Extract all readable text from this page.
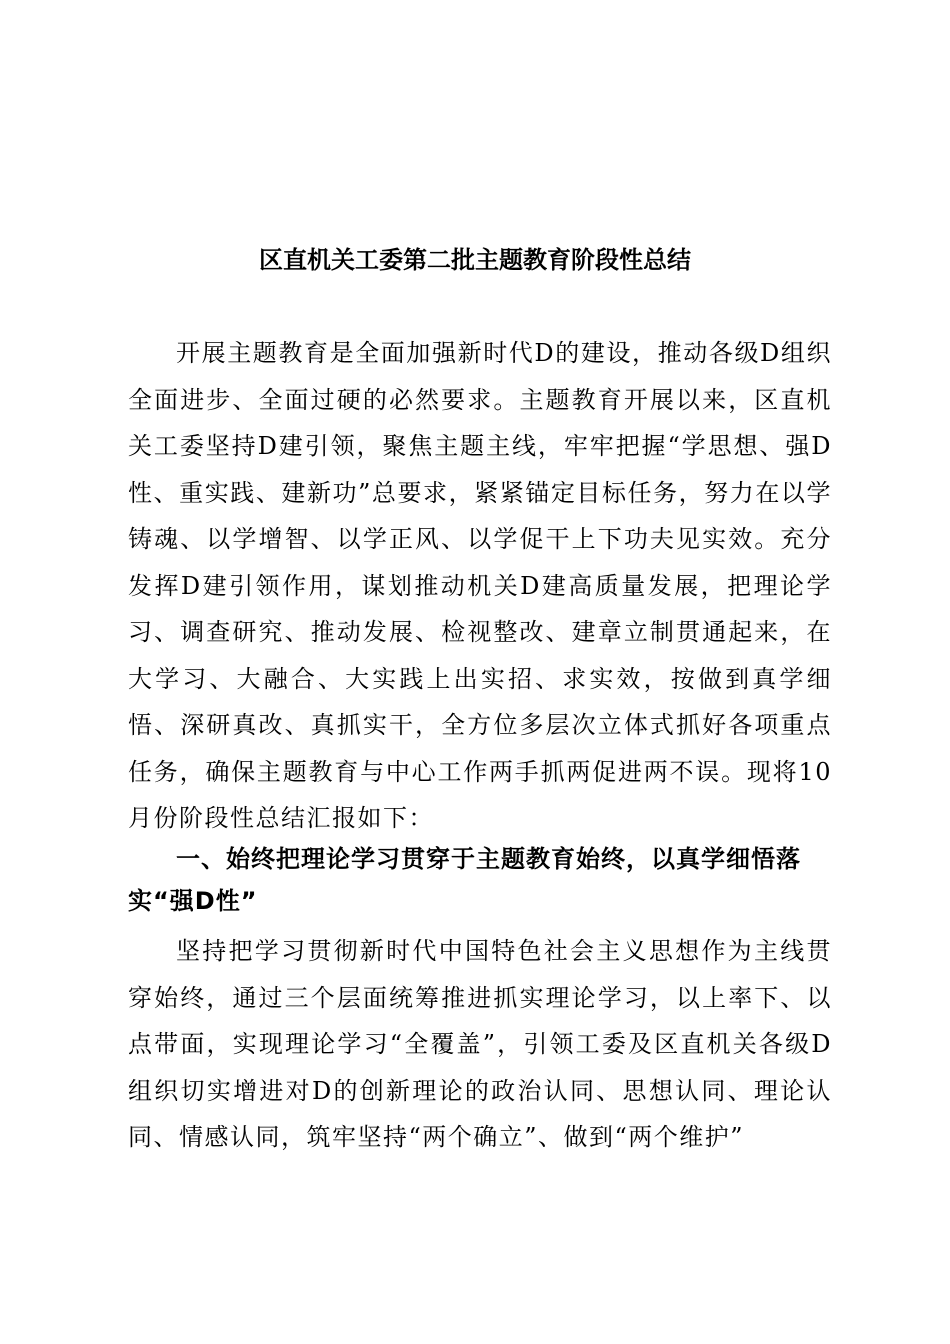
区直机关工委第二批主题教育阶段性总结

开展主题教育是全面加强新时代D的建设，推动各级D组织全面进步、全面过硬的必然要求。主题教育开展以来，区直机关工委坚持D建引领，聚焦主题主线，牢牢把握“学思想、强D性、重实践、建新功”总要求，紧紧锚定目标任务，努力在以学铸魂、以学增智、以学正风、以学促干上下功夫见实效。充分发挥D建引领作用，谋划推动机关D建高质量发展，把理论学习、调查研究、推动发展、检视整改、建章立制贯通起来，在大学习、大融合、大实践上出实招、求实效，按做到真学细悟、深研真改、真抓实干，全方位多层次立体式抓好各项重点任务，确保主题教育与中心工作两手抓两促进两不误。现将10月份阶段性总结汇报如下：

一、始终把理论学习贯穿于主题教育始终，以真学细悟落实“强D性”

坚持把学习贯彻新时代中国特色社会主义思想作为主线贯穿始终，通过三个层面统筹推进抓实理论学习，以上率下、以点带面，实现理论学习“全覆盖”，引领工委及区直机关各级D组织切实增进对D的创新理论的政治认同、思想认同、理论认同、情感认同，筑牢坚持“两个确立”、做到“两个维护”
